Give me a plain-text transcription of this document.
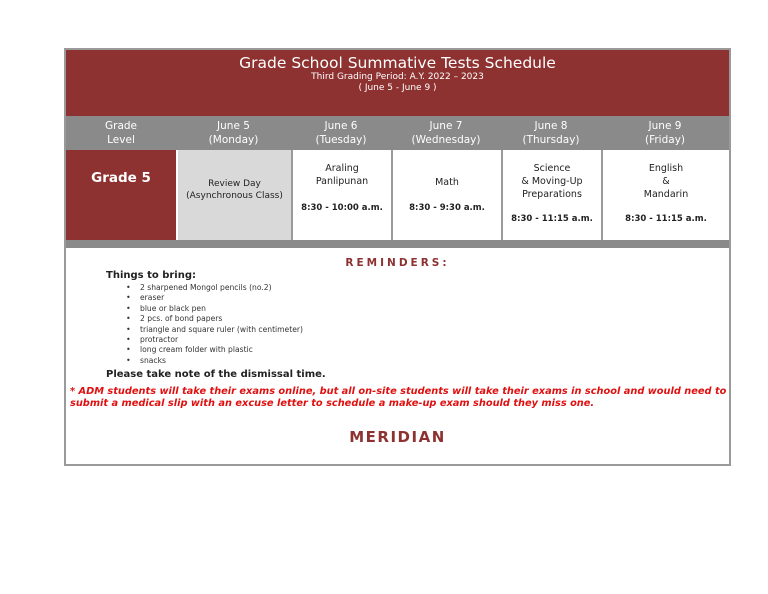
Grade School Summative Tests Schedule
Third Grading Period: A.Y. 2022 – 2023
( June 5 - June 9 )
Grade
Level
June 5
(Monday)
June 6
(Tuesday)
June 7
(Wednesday)
June 8
(Thursday)
June 9
(Friday)
Grade 5	Review Day
(Asynchronous Class)
Araling
Panlipunan
8:30 - 10:00 a.m.
Math
8:30 - 9:30 a.m.
Science
& Moving-Up
Preparations
8:30 - 11:15 a.m.
English
&
Mandarin
8:30 - 11:15 a.m.
REMINDERS:
Things to bring:
• 2 sharpened Mongol pencils (no.2)
• eraser
• blue or black pen
• 2 pcs. of bond papers
• triangle and square ruler (with centimeter)
• protractor
• long cream folder with plastic
• snacks
Please take note of the dismissal time.
* ADM students will take their exams online, but all on-site students will take their exams in school and would need to submit a medical slip with an excuse letter to schedule a make-up exam should they miss one.
MERIDIAN
